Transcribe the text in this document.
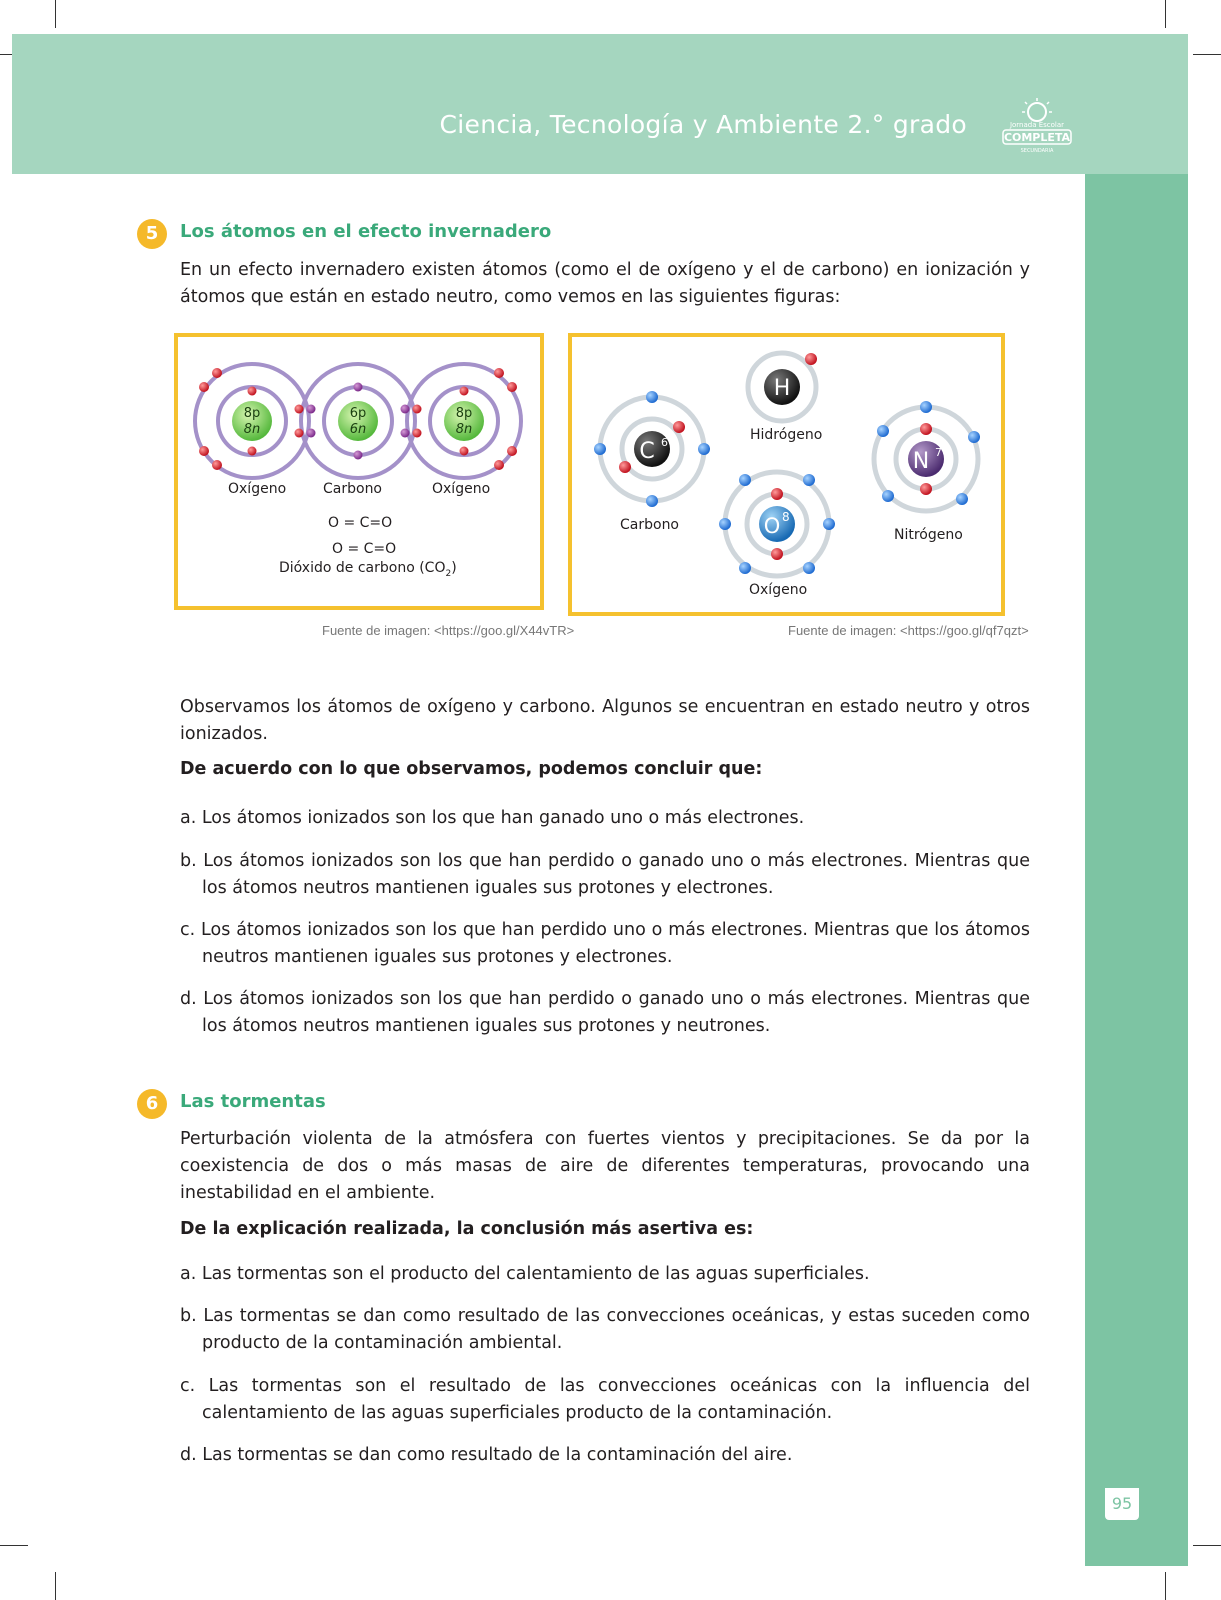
Ciencia, Tecnología y Ambiente 2.° grado	Jornada Escolar
COMPLETA
SECUNDARIA
95
5	Los átomos en el efecto invernadero
En un efecto invernadero existen átomos (como el de oxígeno y el de carbono) en ionización y átomos que están en estado neutro, como vemos en las siguientes figuras:
8p
8n
6p
6n
8p
8n
Oxígeno	Carbono	Oxígeno
O = C=O
O = C=O
Dióxido de carbono $(CO_2)$
Fuente de imagen: <https://goo.gl/X44vTR>
C 6
H
O 8
N 7
Carbono
Hidrógeno
Oxígeno
Nitrógeno
Fuente de imagen: <https://goo.gl/qf7qzt>
Observamos los átomos de oxígeno y carbono. Algunos se encuentran en estado neutro y otros ionizados.
De acuerdo con lo que observamos, podemos concluir que:
a. Los átomos ionizados son los que han ganado uno o más electrones.
b. Los átomos ionizados son los que han perdido o ganado uno o más electrones. Mientras que los átomos neutros mantienen iguales sus protones y electrones.
c. Los átomos ionizados son los que han perdido uno o más electrones. Mientras que los átomos neutros mantienen iguales sus protones y electrones.
d. Los átomos ionizados son los que han perdido o ganado uno o más electrones. Mientras que los átomos neutros mantienen iguales sus protones y neutrones.
6	Las tormentas
Perturbación violenta de la atmósfera con fuertes vientos y precipitaciones. Se da por la coexistencia de dos o más masas de aire de diferentes temperaturas, provocando una inestabilidad en el ambiente.
De la explicación realizada, la conclusión más asertiva es:
a. Las tormentas son el producto del calentamiento de las aguas superficiales.
b. Las tormentas se dan como resultado de las convecciones oceánicas, y estas suceden como producto de la contaminación ambiental.
c. Las tormentas son el resultado de las convecciones oceánicas con la influencia del calentamiento de las aguas superficiales producto de la contaminación.
d. Las tormentas se dan como resultado de la contaminación del aire.
